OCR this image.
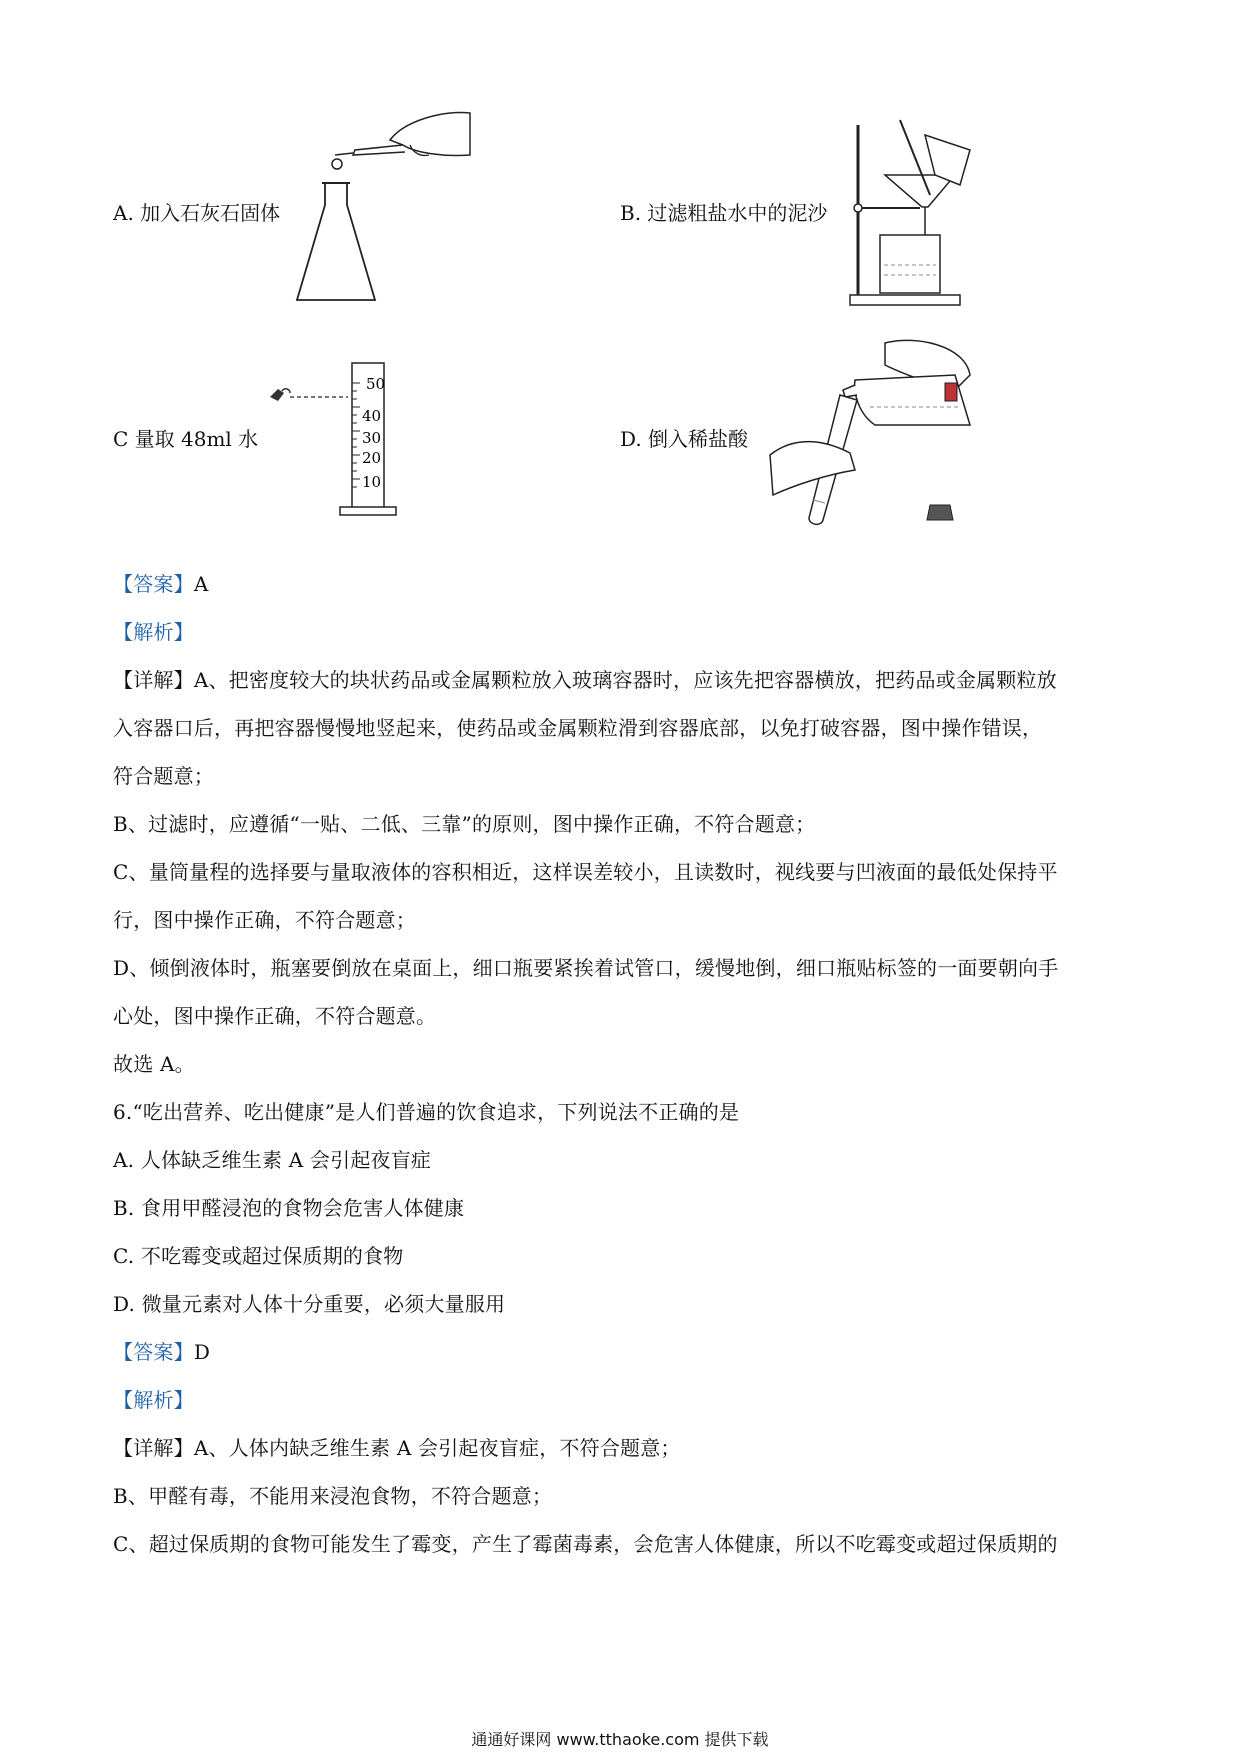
A. 加入石灰石固体	B. 过滤粗盐水中的泥沙
C 量取 48ml 水
50
40
30
20
10
D. 倒入稀盐酸
【答案】A
【解析】
【详解】A、把密度较大的块状药品或金属颗粒放入玻璃容器时，应该先把容器横放，把药品或金属颗粒放
入容器口后，再把容器慢慢地竖起来，使药品或金属颗粒滑到容器底部，以免打破容器，图中操作错误，
符合题意；
B、过滤时，应遵循“一贴、二低、三靠”的原则，图中操作正确，不符合题意；
C、量筒量程的选择要与量取液体的容积相近，这样误差较小，且读数时，视线要与凹液面的最低处保持平
行，图中操作正确，不符合题意；
D、倾倒液体时，瓶塞要倒放在桌面上，细口瓶要紧挨着试管口，缓慢地倒，细口瓶贴标签的一面要朝向手
心处，图中操作正确，不符合题意。
故选 A。
6.“吃出营养、吃出健康”是人们普遍的饮食追求，下列说法不正确的是
A. 人体缺乏维生素 A 会引起夜盲症
B. 食用甲醛浸泡的食物会危害人体健康
C. 不吃霉变或超过保质期的食物
D. 微量元素对人体十分重要，必须大量服用
【答案】D
【解析】
【详解】A、人体内缺乏维生素 A 会引起夜盲症，不符合题意；
B、甲醛有毒，不能用来浸泡食物，不符合题意；
C、超过保质期的食物可能发生了霉变，产生了霉菌毒素，会危害人体健康，所以不吃霉变或超过保质期的
通通好课网 www.tthaoke.com 提供下载
